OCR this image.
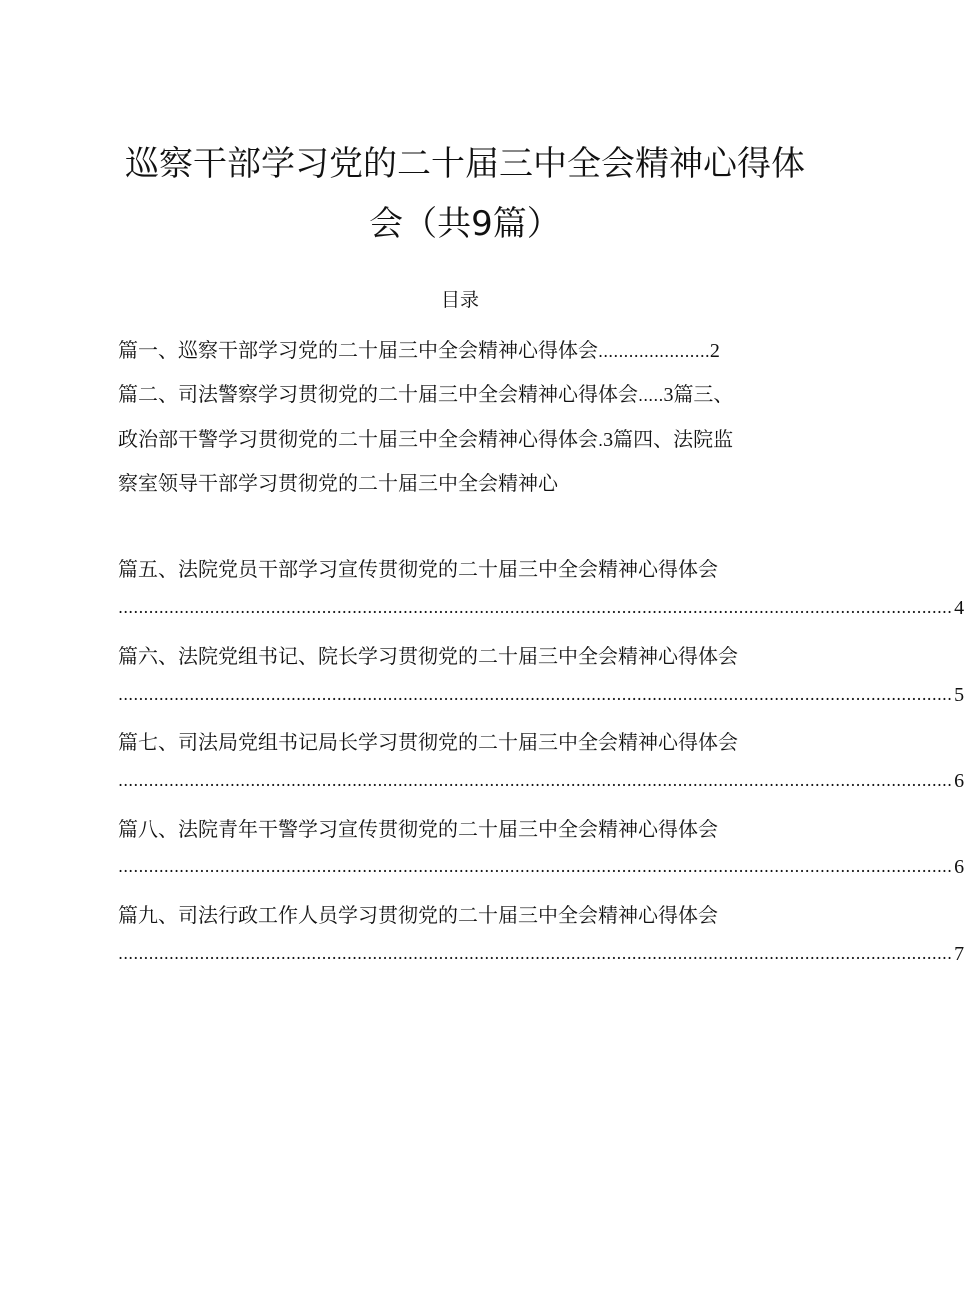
巡察干部学习党的二十届三中全会精神心得体
会（共9篇）
目录
篇一、巡察干部学习党的二十届三中全会精神心得体会......................2
篇二、司法警察学习贯彻党的二十届三中全会精神心得体会.....3篇三、
政治部干警学习贯彻党的二十届三中全会精神心得体会.3篇四、法院监
察室领导干部学习贯彻党的二十届三中全会精神心
篇五、法院党员干部学习宣传贯彻党的二十届三中全会精神心得体会
.................................................................................................................................................................... 4
篇六、法院党组书记、院长学习贯彻党的二十届三中全会精神心得体会
.................................................................................................................................................................... 5
篇七、司法局党组书记局长学习贯彻党的二十届三中全会精神心得体会
.................................................................................................................................................................... 6
篇八、法院青年干警学习宣传贯彻党的二十届三中全会精神心得体会
.................................................................................................................................................................... 6
篇九、司法行政工作人员学习贯彻党的二十届三中全会精神心得体会
.................................................................................................................................................................... 7
